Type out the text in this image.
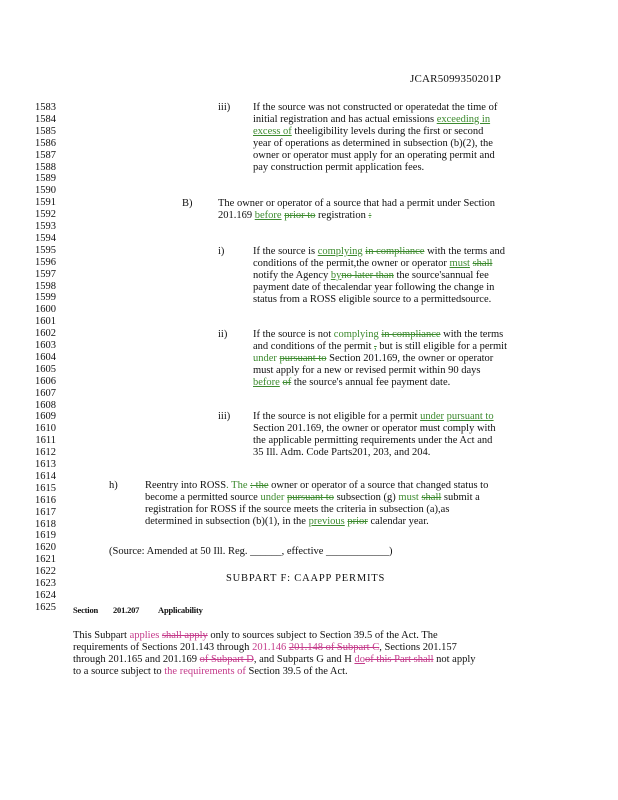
JCAR5099350201P
1583
1584
1585
1586
1587
1588
1589
1590
1591
1592
1593
1594
1595
1596
1597
1598
1599
1600
1601
1602
1603
1604
1605
1606
1607
1608
1609
1610
1611
1612
1613
1614
1615
1616
1617
1618
1619
1620
1621
1622
1623
1624
1625
iii) If the source was not constructed or operatedat the time of
initial registration and has actual emissions exceeding in
excess of theeligibility levels during the first or second
year of operations as determined in subsection (b)(2), the
owner or operator must apply for an operating permit and
pay construction permit application fees.
B) The owner or operator of a source that had a permit under Section
201.169 before prior to registration :
i)	If the source is complying in compliance with the terms and
conditions of the permit,the owner or operator must shall
notify the Agency byno later than the source'sannual fee
payment date of thecalendar year following the change in
status from a ROSS eligible source to a permittedsource.
ii) If the source is not complying in compliance with the terms
and conditions of the permit , but is still eligible for a permit
under pursuant to Section 201.169, the owner or operator
must apply for a new or revised permit within 90 days
before of the source's annual fee payment date.
iii) If the source is not eligible for a permit under pursuant to
Section 201.169, the owner or operator must comply with
the applicable permitting requirements under the Act and
35 Ill. Adm. Code Parts201, 203, and 204.
h)	Reentry into ROSS. The : the owner or operator of a source that changed status to
become a permitted source under pursuant to subsection (g) must shall submit a
registration for ROSS if the source meets the criteria in subsection (a),as
determined in subsection (b)(1), in the previous prior calendar year.
(Source: Amended at 50 Ill. Reg. ______, effective ____________)
SUBPART F: CAAPP PERMITS
Section 201.207 Applicability
This Subpart applies shall apply only to sources subject to Section 39.5 of the Act. The
requirements of Sections 201.143 through 201.146 201.148 of Subpart C, Sections 201.157
through 201.165 and 201.169 of Subpart D, and Subparts G and H doof this Part shall not apply
to a source subject to the requirements of Section 39.5 of the Act.
